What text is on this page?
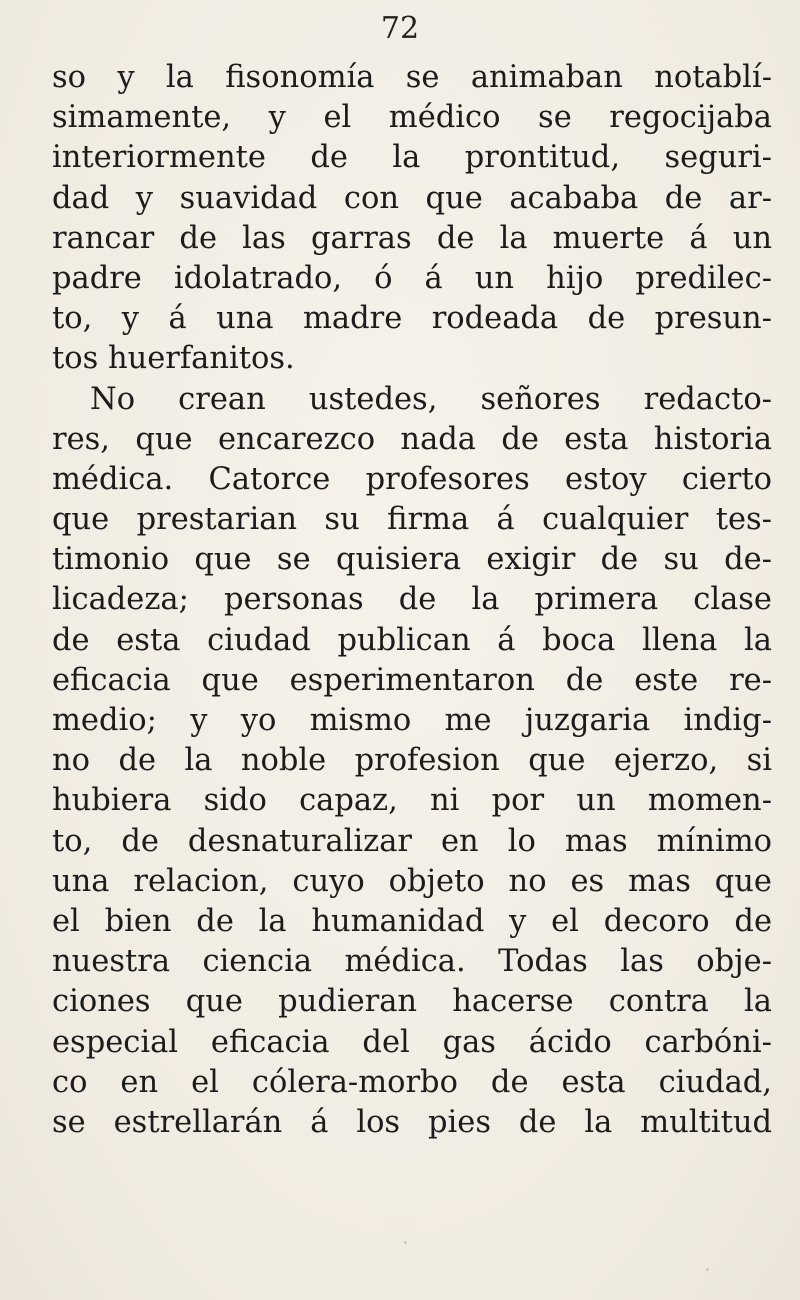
72
so y la fisonomía se animaban notablí-
simamente, y el médico se regocijaba
interiormente de la prontitud, seguri-
dad y suavidad con que acababa de ar-
rancar de las garras de la muerte á un
padre idolatrado, ó á un hijo predilec-
to, y á una madre rodeada de presun-
tos huerfanitos.
No crean ustedes, señores redacto-
res, que encarezco nada de esta historia
médica. Catorce profesores estoy cierto
que prestarian su firma á cualquier tes-
timonio que se quisiera exigir de su de-
licadeza; personas de la primera clase
de esta ciudad publican á boca llena la
eficacia que esperimentaron de este re-
medio; y yo mismo me juzgaria indig-
no de la noble profesion que ejerzo, si
hubiera sido capaz, ni por un momen-
to, de desnaturalizar en lo mas mínimo
una relacion, cuyo objeto no es mas que
el bien de la humanidad y el decoro de
nuestra ciencia médica. Todas las obje-
ciones que pudieran hacerse contra la
especial eficacia del gas ácido carbóni-
co en el cólera-morbo de esta ciudad,
se estrellarán á los pies de la multitud
